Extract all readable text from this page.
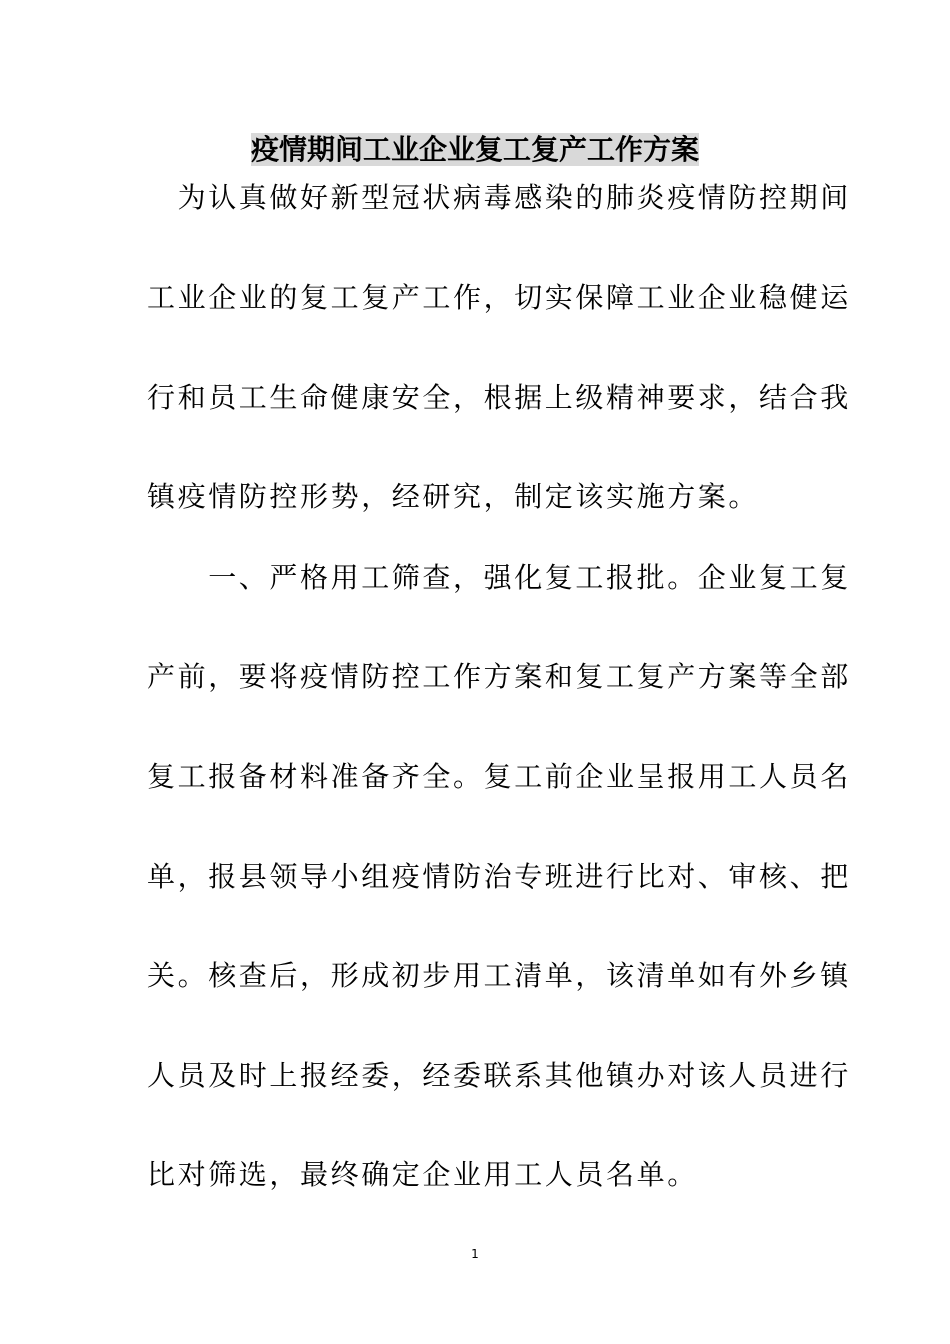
疫情期间工业企业复工复产工作方案

　为认真做好新型冠状病毒感染的肺炎疫情防控期间

工业企业的复工复产工作，切实保障工业企业稳健运

行和员工生命健康安全，根据上级精神要求，结合我

镇疫情防控形势，经研究，制定该实施方案。

　　一、严格用工筛查，强化复工报批。企业复工复

产前，要将疫情防控工作方案和复工复产方案等全部

复工报备材料准备齐全。复工前企业呈报用工人员名

单，报县领导小组疫情防治专班进行比对、审核、把

关。核查后，形成初步用工清单，该清单如有外乡镇

人员及时上报经委，经委联系其他镇办对该人员进行

比对筛选，最终确定企业用工人员名单。

1
